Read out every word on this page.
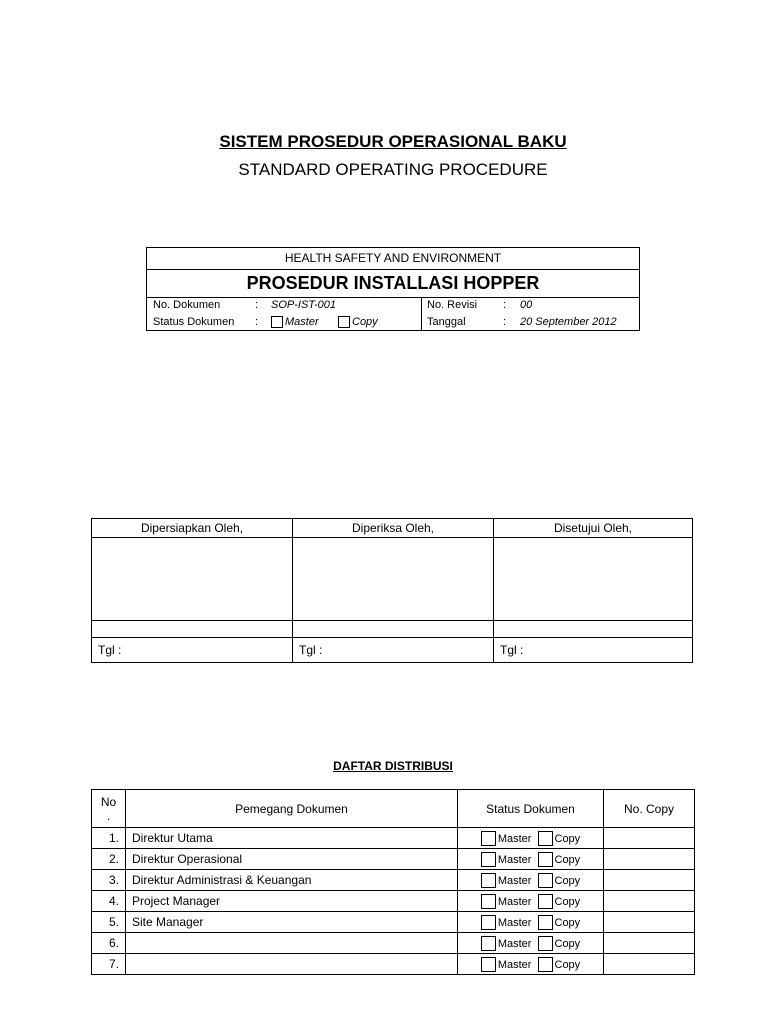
SISTEM PROSEDUR OPERASIONAL BAKU
STANDARD OPERATING PROCEDURE
HEALTH SAFETY AND ENVIRONMENT
PROSEDUR INSTALLASI HOPPER
No. Dokumen	: SOP-IST-001
Status Dokumen :	Master	Copy
No. Revisi : 00
Tanggal	: 20 September 2012
Dipersiapkan Oleh,	Diperiksa Oleh,	Disetujui Oleh,

Tgl :	Tgl :	Tgl :
DAFTAR DISTRIBUSI
No
.	Pemegang Dokumen	Status Dokumen	No. Copy
1.	Direktur Utama	Master Copy	
2.	Direktur Operasional	Master Copy	
3.	Direktur Administrasi & Keuangan	Master Copy	
4.	Project Manager	Master Copy	
5.	Site Manager	Master Copy	
6.		Master Copy	
7.		Master Copy	
